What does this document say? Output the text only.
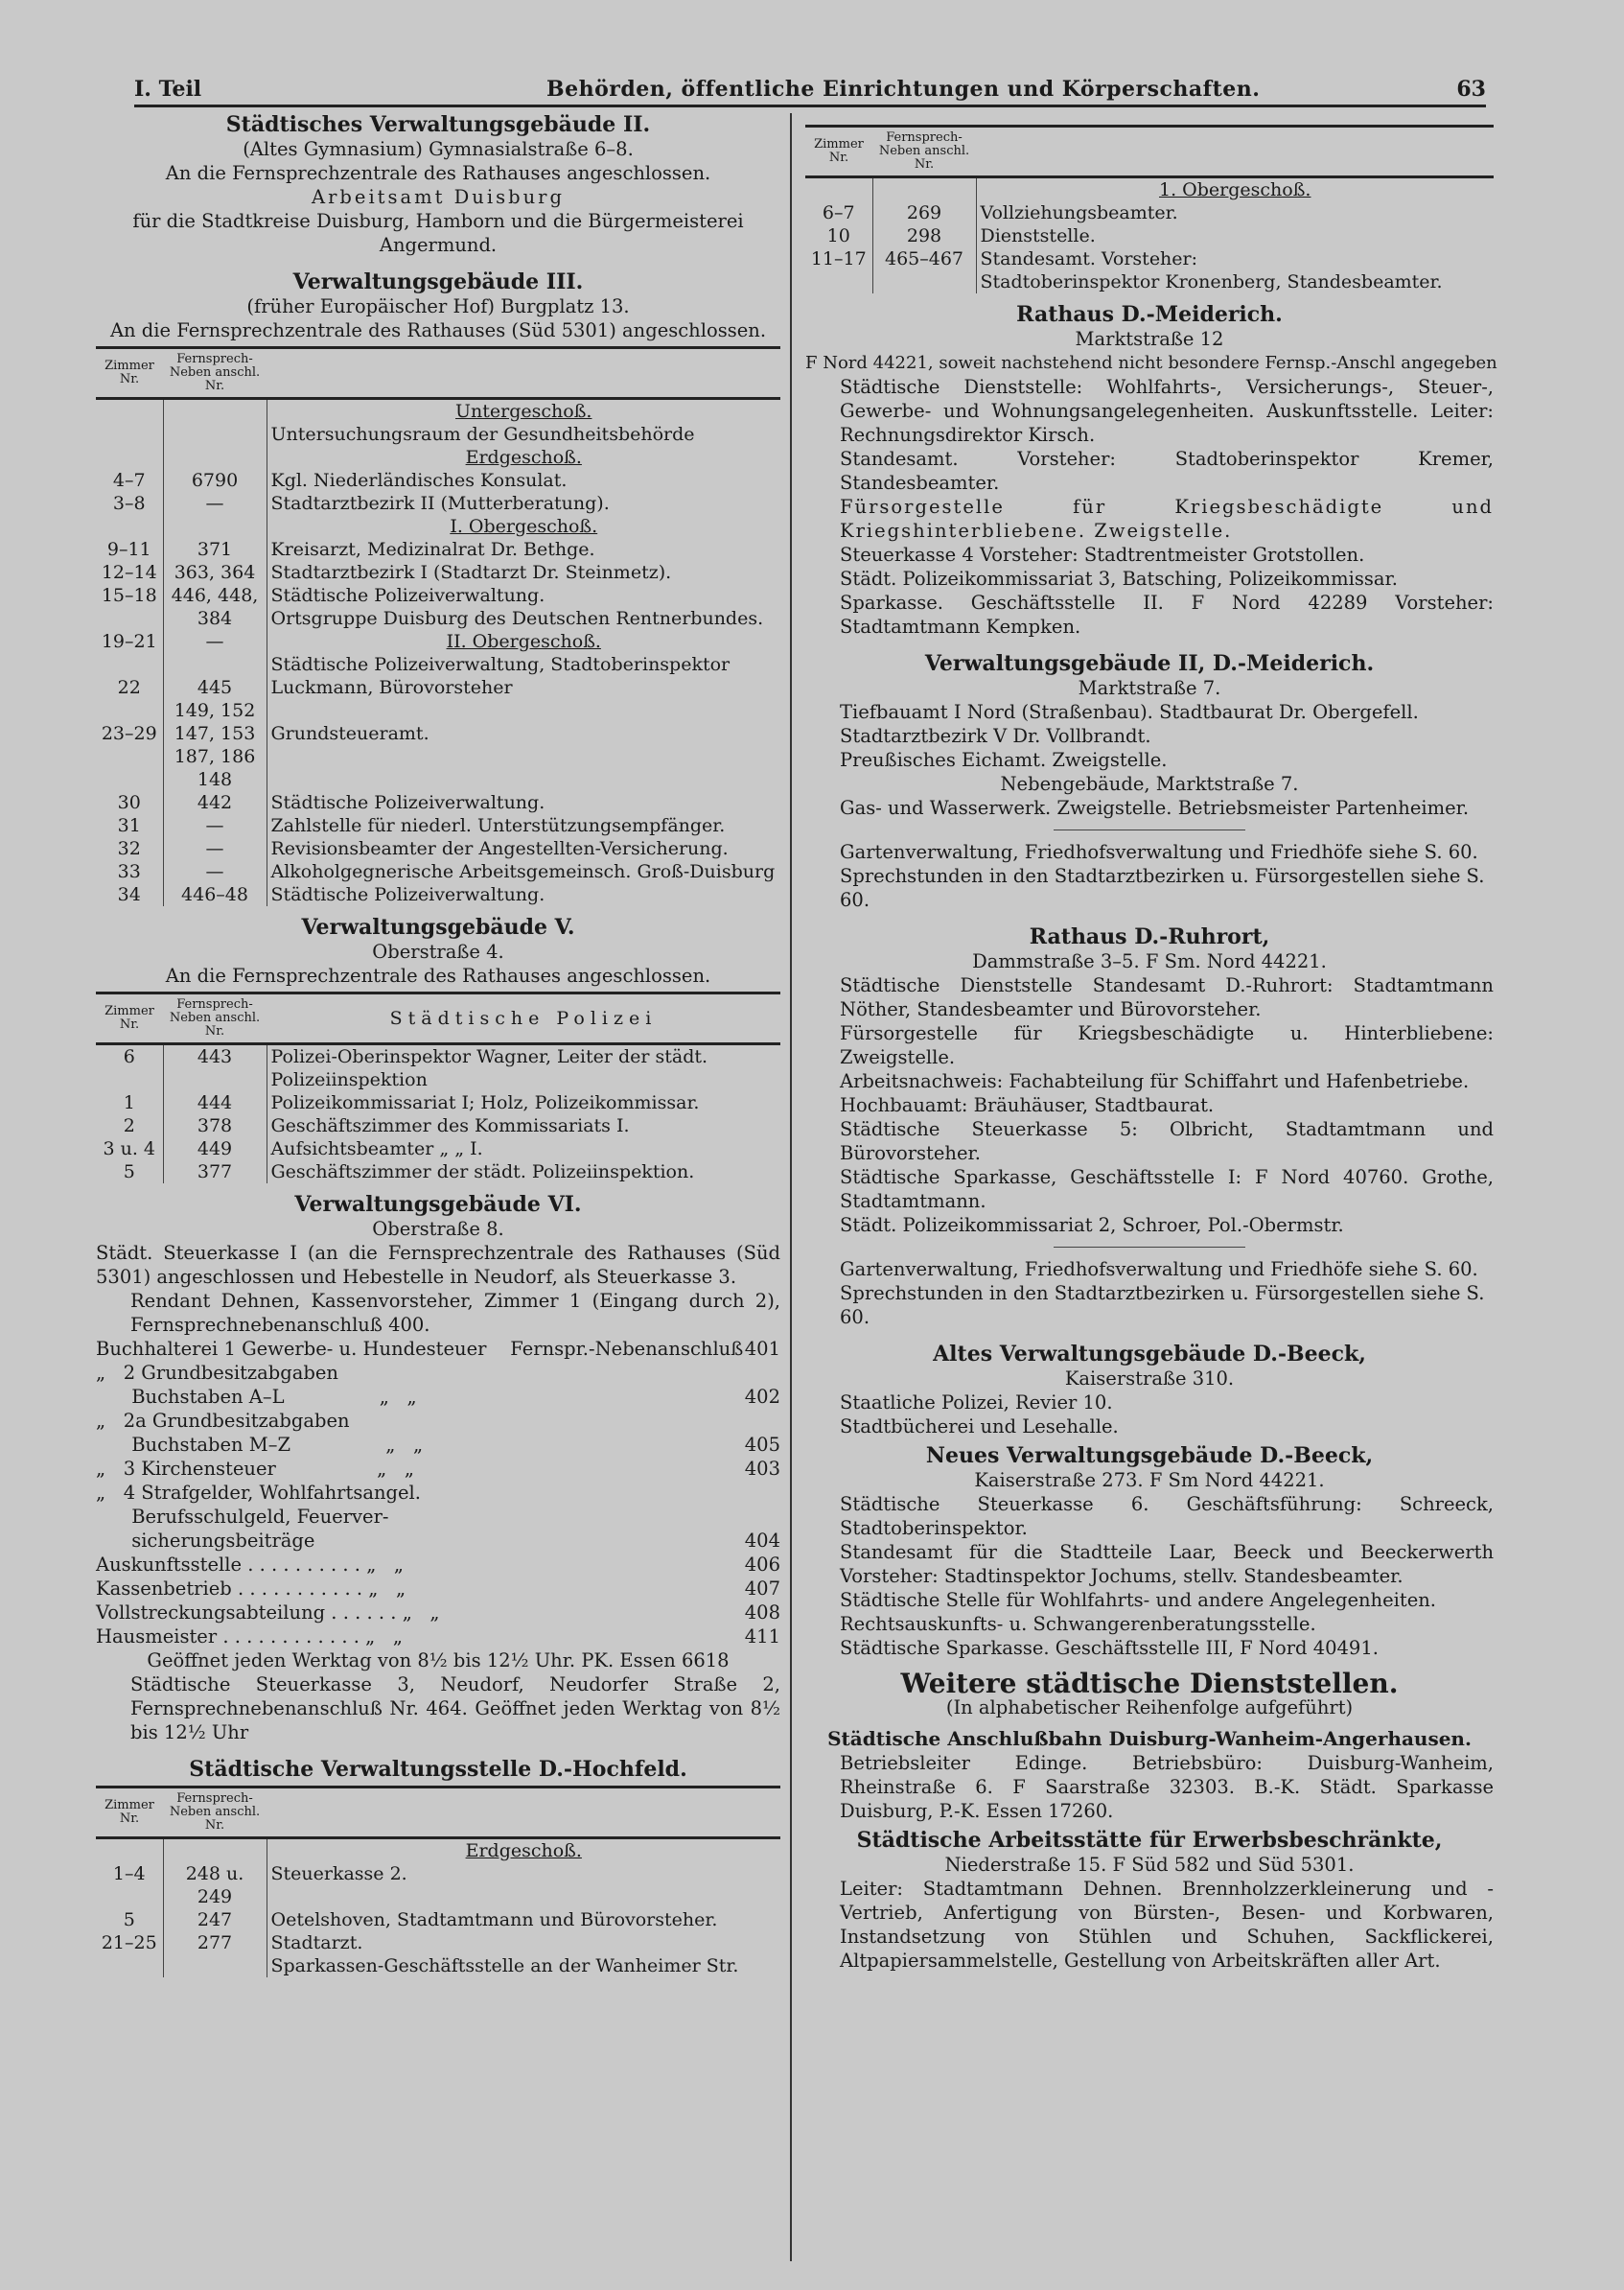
I. Teil	Behörden, öffentliche Einrichtungen und Körperschaften.	63
Städtisches Verwaltungsgebäude II.
(Altes Gymnasium) Gymnasialstraße 6–8.
An die Fernsprechzentrale des Rathauses angeschlossen.
Arbeitsamt Duisburg
für die Stadtkreise Duisburg, Hamborn und die Bürgermeisterei
Angermund.
Verwaltungsgebäude III.
(früher Europäischer Hof) Burgplatz 13.
An die Fernsprechzentrale des Rathauses (Süd 5301) angeschlossen.
Zimmer Nr.	Fernsprech-Neben anschl. Nr.	
		Untergeschoß.
		Untersuchungsraum der Gesundheitsbehörde
		Erdgeschoß.
4–7	6790	Kgl. Niederländisches Konsulat.
3–8	—	Stadtarztbezirk II (Mutterberatung).
		I. Obergeschoß.
9–11	371	Kreisarzt, Medizinalrat Dr. Bethge.
12–14	363, 364	Stadtarztbezirk I (Stadtarzt Dr. Steinmetz).
15–18	446, 448,	Städtische Polizeiverwaltung.
	384	Ortsgruppe Duisburg des Deutschen Rentnerbundes.
19–21	—	II. Obergeschoß.
		Städtische Polizeiverwaltung, Stadtoberinspektor
22	445	Luckmann, Bürovorsteher
	149, 152	
23–29	147, 153	Grundsteueramt.
	187, 186	
	148	
30	442	Städtische Polizeiverwaltung.
31	—	Zahlstelle für niederl. Unterstützungsempfänger.
32	—	Revisionsbeamter der Angestellten-Versicherung.
33	—	Alkoholgegnerische Arbeitsgemeinsch. Groß-Duisburg
34	446–48	Städtische Polizeiverwaltung.
Verwaltungsgebäude V.
Oberstraße 4.
An die Fernsprechzentrale des Rathauses angeschlossen.
Zimmer Nr.	Fernsprech-Neben anschl. Nr.	Städtische Polizei
6	443	Polizei-Oberinspektor Wagner, Leiter der städt.
		Polizeiinspektion
1	444	Polizeikommissariat I; Holz, Polizeikommissar.
2	378	Geschäftszimmer des Kommissariats I.
3 u. 4	449	Aufsichtsbeamter „ „ I.
5	377	Geschäftszimmer der städt. Polizeiinspektion.
Verwaltungsgebäude VI.
Oberstraße 8.
Städt. Steuerkasse I (an die Fernsprechzentrale des Rathauses (Süd 5301) angeschlossen und Hebestelle in Neudorf, als Steuerkasse 3.
Rendant Dehnen, Kassenvorsteher, Zimmer 1 (Eingang durch 2), Fernsprechnebenanschluß 400.
Buchhalterei 1 Gewerbe- u. Hundesteuer    Fernspr.-Nebenanschluß 401
„   2 Grundbesitzabgaben
Buchstaben A–L                „   „	402
„   2a Grundbesitzabgaben
Buchstaben M–Z                „   „	405
„   3 Kirchensteuer                 „   „	403
„   4 Strafgelder, Wohlfahrtsangel.
Berufsschulgeld, Feuerver-
sicherungsbeiträge	404
Auskunftsstelle . . . . . . . . . . „   „	406
Kassenbetrieb . . . . . . . . . . . „   „	407
Vollstreckungsabteilung . . . . . . „   „	408
Hausmeister . . . . . . . . . . . . „   „	411
Geöffnet jeden Werktag von 8½ bis 12½ Uhr. PK. Essen 6618
Städtische Steuerkasse 3, Neudorf, Neudorfer Straße 2, Fernsprechnebenanschluß Nr. 464. Geöffnet jeden Werktag von 8½ bis 12½ Uhr
Städtische Verwaltungsstelle D.-Hochfeld.
Zimmer Nr.	Fernsprech-Neben anschl. Nr.	
		Erdgeschoß.
1–4	248 u. 249	Steuerkasse 2.
5	247	Oetelshoven, Stadtamtmann und Bürovorsteher.
21–25	277	Stadtarzt.
		Sparkassen-Geschäftsstelle an der Wanheimer Str.
Zimmer Nr.	Fernsprech-Neben anschl. Nr.	
		1. Obergeschoß.
6–7	269	Vollziehungsbeamter.
10	298	Dienststelle.
11–17	465–467	Standesamt. Vorsteher:
		Stadtoberinspektor Kronenberg, Standesbeamter.
Rathaus D.-Meiderich.
Marktstraße 12
F Nord 44221, soweit nachstehend nicht besondere Fernsp.-Anschl angegeben
Städtische Dienststelle: Wohlfahrts-, Versicherungs-, Steuer-, Gewerbe- und Wohnungsangelegenheiten. Auskunftsstelle. Leiter: Rechnungsdirektor Kirsch.
Standesamt. Vorsteher: Stadtoberinspektor Kremer, Standesbeamter.
Fürsorgestelle für Kriegsbeschädigte und Kriegshinterbliebene. Zweigstelle.
Steuerkasse 4 Vorsteher: Stadtrentmeister Grotstollen.
Städt. Polizeikommissariat 3, Batsching, Polizeikommissar.
Sparkasse. Geschäftsstelle II. F Nord 42289 Vorsteher: Stadtamtmann Kempken.
Verwaltungsgebäude II, D.-Meiderich.
Marktstraße 7.
Tiefbauamt I Nord (Straßenbau). Stadtbaurat Dr. Obergefell.
Stadtarztbezirk V Dr. Vollbrandt.
Preußisches Eichamt. Zweigstelle.
Nebengebäude, Marktstraße 7.
Gas- und Wasserwerk. Zweigstelle. Betriebsmeister Partenheimer.
Gartenverwaltung, Friedhofsverwaltung und Friedhöfe siehe S. 60.
Sprechstunden in den Stadtarztbezirken u. Fürsorgestellen siehe S. 60.
Rathaus D.-Ruhrort,
Dammstraße 3–5. F Sm. Nord 44221.
Städtische Dienststelle Standesamt D.-Ruhrort: Stadtamtmann Nöther, Standesbeamter und Bürovorsteher.
Fürsorgestelle für Kriegsbeschädigte u. Hinterbliebene: Zweigstelle.
Arbeitsnachweis: Fachabteilung für Schiffahrt und Hafenbetriebe.
Hochbauamt: Bräuhäuser, Stadtbaurat.
Städtische Steuerkasse 5: Olbricht, Stadtamtmann und Bürovorsteher.
Städtische Sparkasse, Geschäftsstelle I: F Nord 40760. Grothe, Stadtamtmann.
Städt. Polizeikommissariat 2, Schroer, Pol.-Obermstr.
Gartenverwaltung, Friedhofsverwaltung und Friedhöfe siehe S. 60.
Sprechstunden in den Stadtarztbezirken u. Fürsorgestellen siehe S. 60.
Altes Verwaltungsgebäude D.-Beeck,
Kaiserstraße 310.
Staatliche Polizei, Revier 10.
Stadtbücherei und Lesehalle.
Neues Verwaltungsgebäude D.-Beeck,
Kaiserstraße 273. F Sm Nord 44221.
Städtische Steuerkasse 6. Geschäftsführung: Schreeck, Stadtoberinspektor.
Standesamt für die Stadtteile Laar, Beeck und Beeckerwerth Vorsteher: Stadtinspektor Jochums, stellv. Standesbeamter.
Städtische Stelle für Wohlfahrts- und andere Angelegenheiten.
Rechtsauskunfts- u. Schwangerenberatungsstelle.
Städtische Sparkasse. Geschäftsstelle III, F Nord 40491.
Weitere städtische Dienststellen.
(In alphabetischer Reihenfolge aufgeführt)
Städtische Anschlußbahn Duisburg-Wanheim-Angerhausen.
Betriebsleiter Edinge. Betriebsbüro: Duisburg-Wanheim, Rheinstraße 6. F Saarstraße 32303. B.-K. Städt. Sparkasse Duisburg, P.-K. Essen 17260.
Städtische Arbeitsstätte für Erwerbsbeschränkte,
Niederstraße 15. F Süd 582 und Süd 5301.
Leiter: Stadtamtmann Dehnen. Brennholzzerkleinerung und -Vertrieb, Anfertigung von Bürsten-, Besen- und Korbwaren, Instandsetzung von Stühlen und Schuhen, Sackflickerei, Altpapiersammelstelle, Gestellung von Arbeitskräften aller Art.
